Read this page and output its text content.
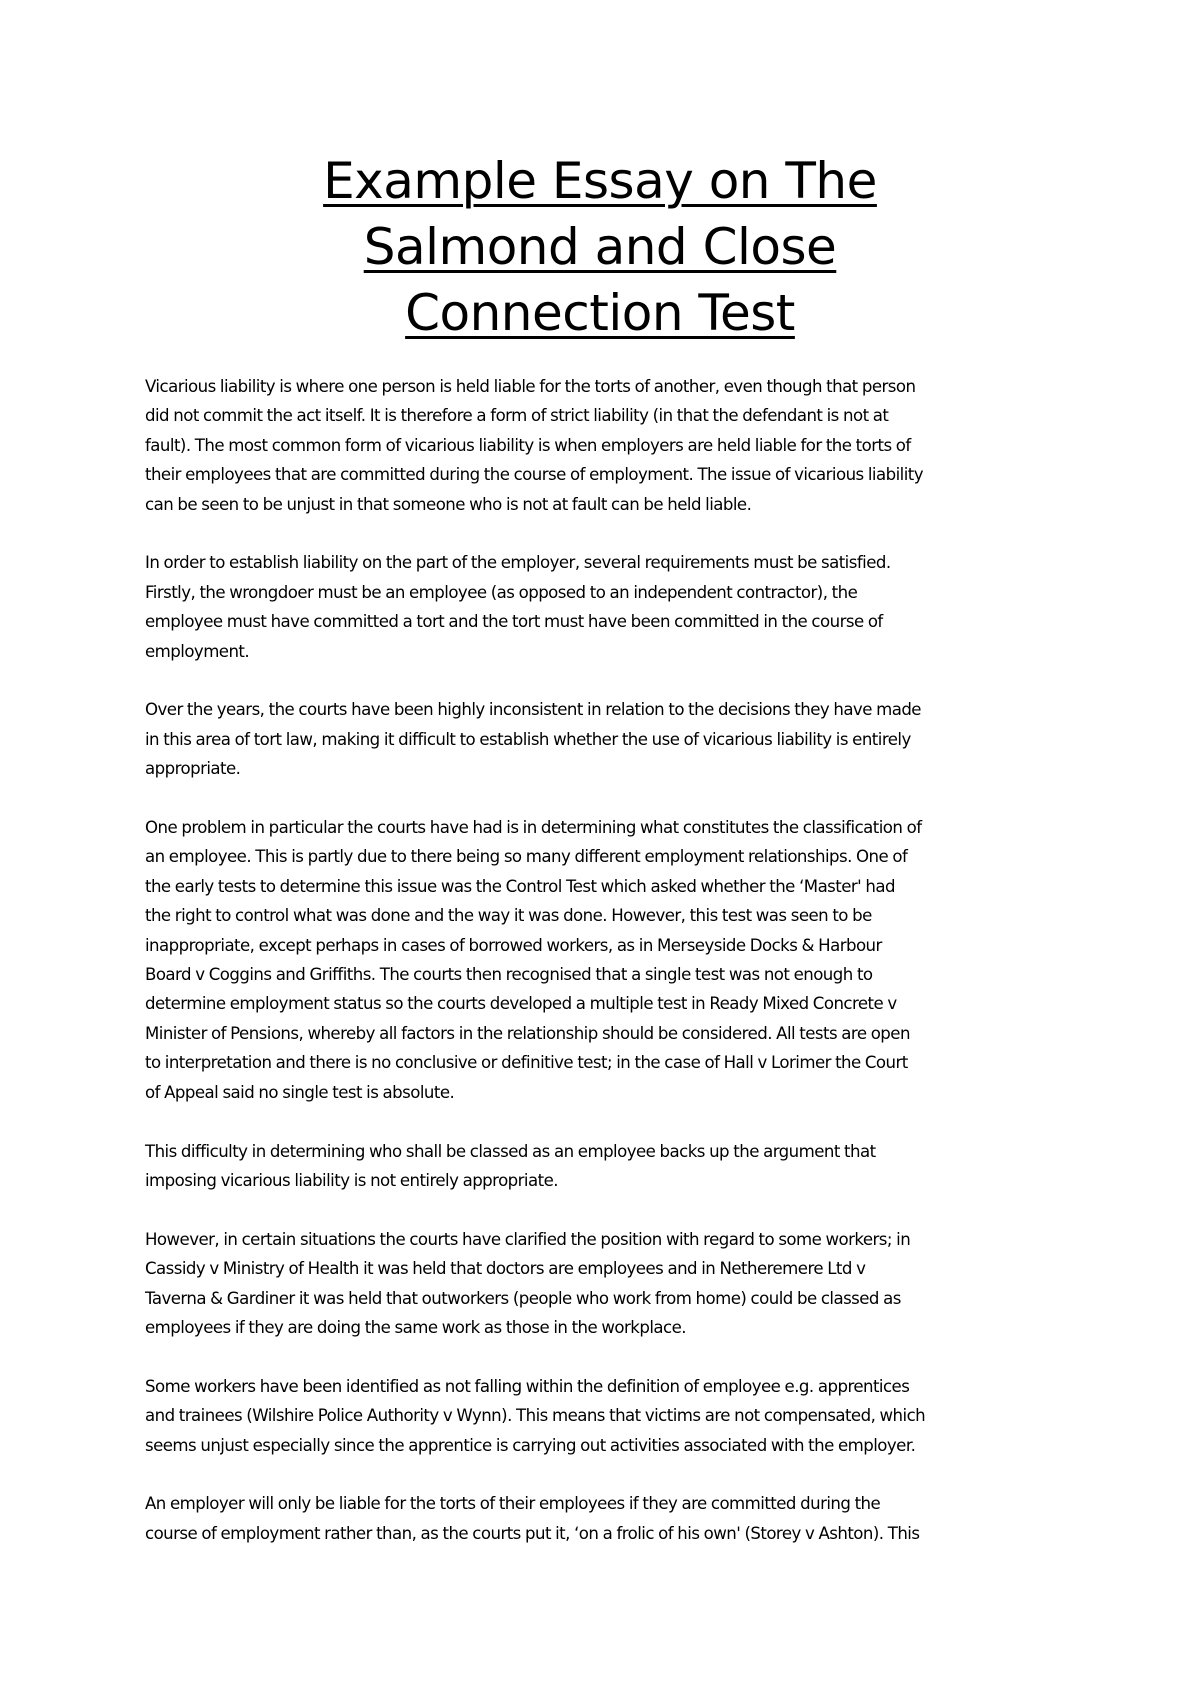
Example Essay on The
Salmond and Close
Connection Test

Vicarious liability is where one person is held liable for the torts of another, even though that person
did not commit the act itself. It is therefore a form of strict liability (in that the defendant is not at
fault). The most common form of vicarious liability is when employers are held liable for the torts of
their employees that are committed during the course of employment. The issue of vicarious liability
can be seen to be unjust in that someone who is not at fault can be held liable.

In order to establish liability on the part of the employer, several requirements must be satisfied.
Firstly, the wrongdoer must be an employee (as opposed to an independent contractor), the
employee must have committed a tort and the tort must have been committed in the course of
employment.

Over the years, the courts have been highly inconsistent in relation to the decisions they have made
in this area of tort law, making it difficult to establish whether the use of vicarious liability is entirely
appropriate.

One problem in particular the courts have had is in determining what constitutes the classification of
an employee. This is partly due to there being so many different employment relationships. One of
the early tests to determine this issue was the Control Test which asked whether the ‘Master' had
the right to control what was done and the way it was done. However, this test was seen to be
inappropriate, except perhaps in cases of borrowed workers, as in Merseyside Docks & Harbour
Board v Coggins and Griffiths. The courts then recognised that a single test was not enough to
determine employment status so the courts developed a multiple test in Ready Mixed Concrete v
Minister of Pensions, whereby all factors in the relationship should be considered. All tests are open
to interpretation and there is no conclusive or definitive test; in the case of Hall v Lorimer the Court
of Appeal said no single test is absolute.

This difficulty in determining who shall be classed as an employee backs up the argument that
imposing vicarious liability is not entirely appropriate.

However, in certain situations the courts have clarified the position with regard to some workers; in
Cassidy v Ministry of Health it was held that doctors are employees and in Netheremere Ltd v
Taverna & Gardiner it was held that outworkers (people who work from home) could be classed as
employees if they are doing the same work as those in the workplace.

Some workers have been identified as not falling within the definition of employee e.g. apprentices
and trainees (Wilshire Police Authority v Wynn). This means that victims are not compensated, which
seems unjust especially since the apprentice is carrying out activities associated with the employer.

An employer will only be liable for the torts of their employees if they are committed during the
course of employment rather than, as the courts put it, ‘on a frolic of his own' (Storey v Ashton). This
